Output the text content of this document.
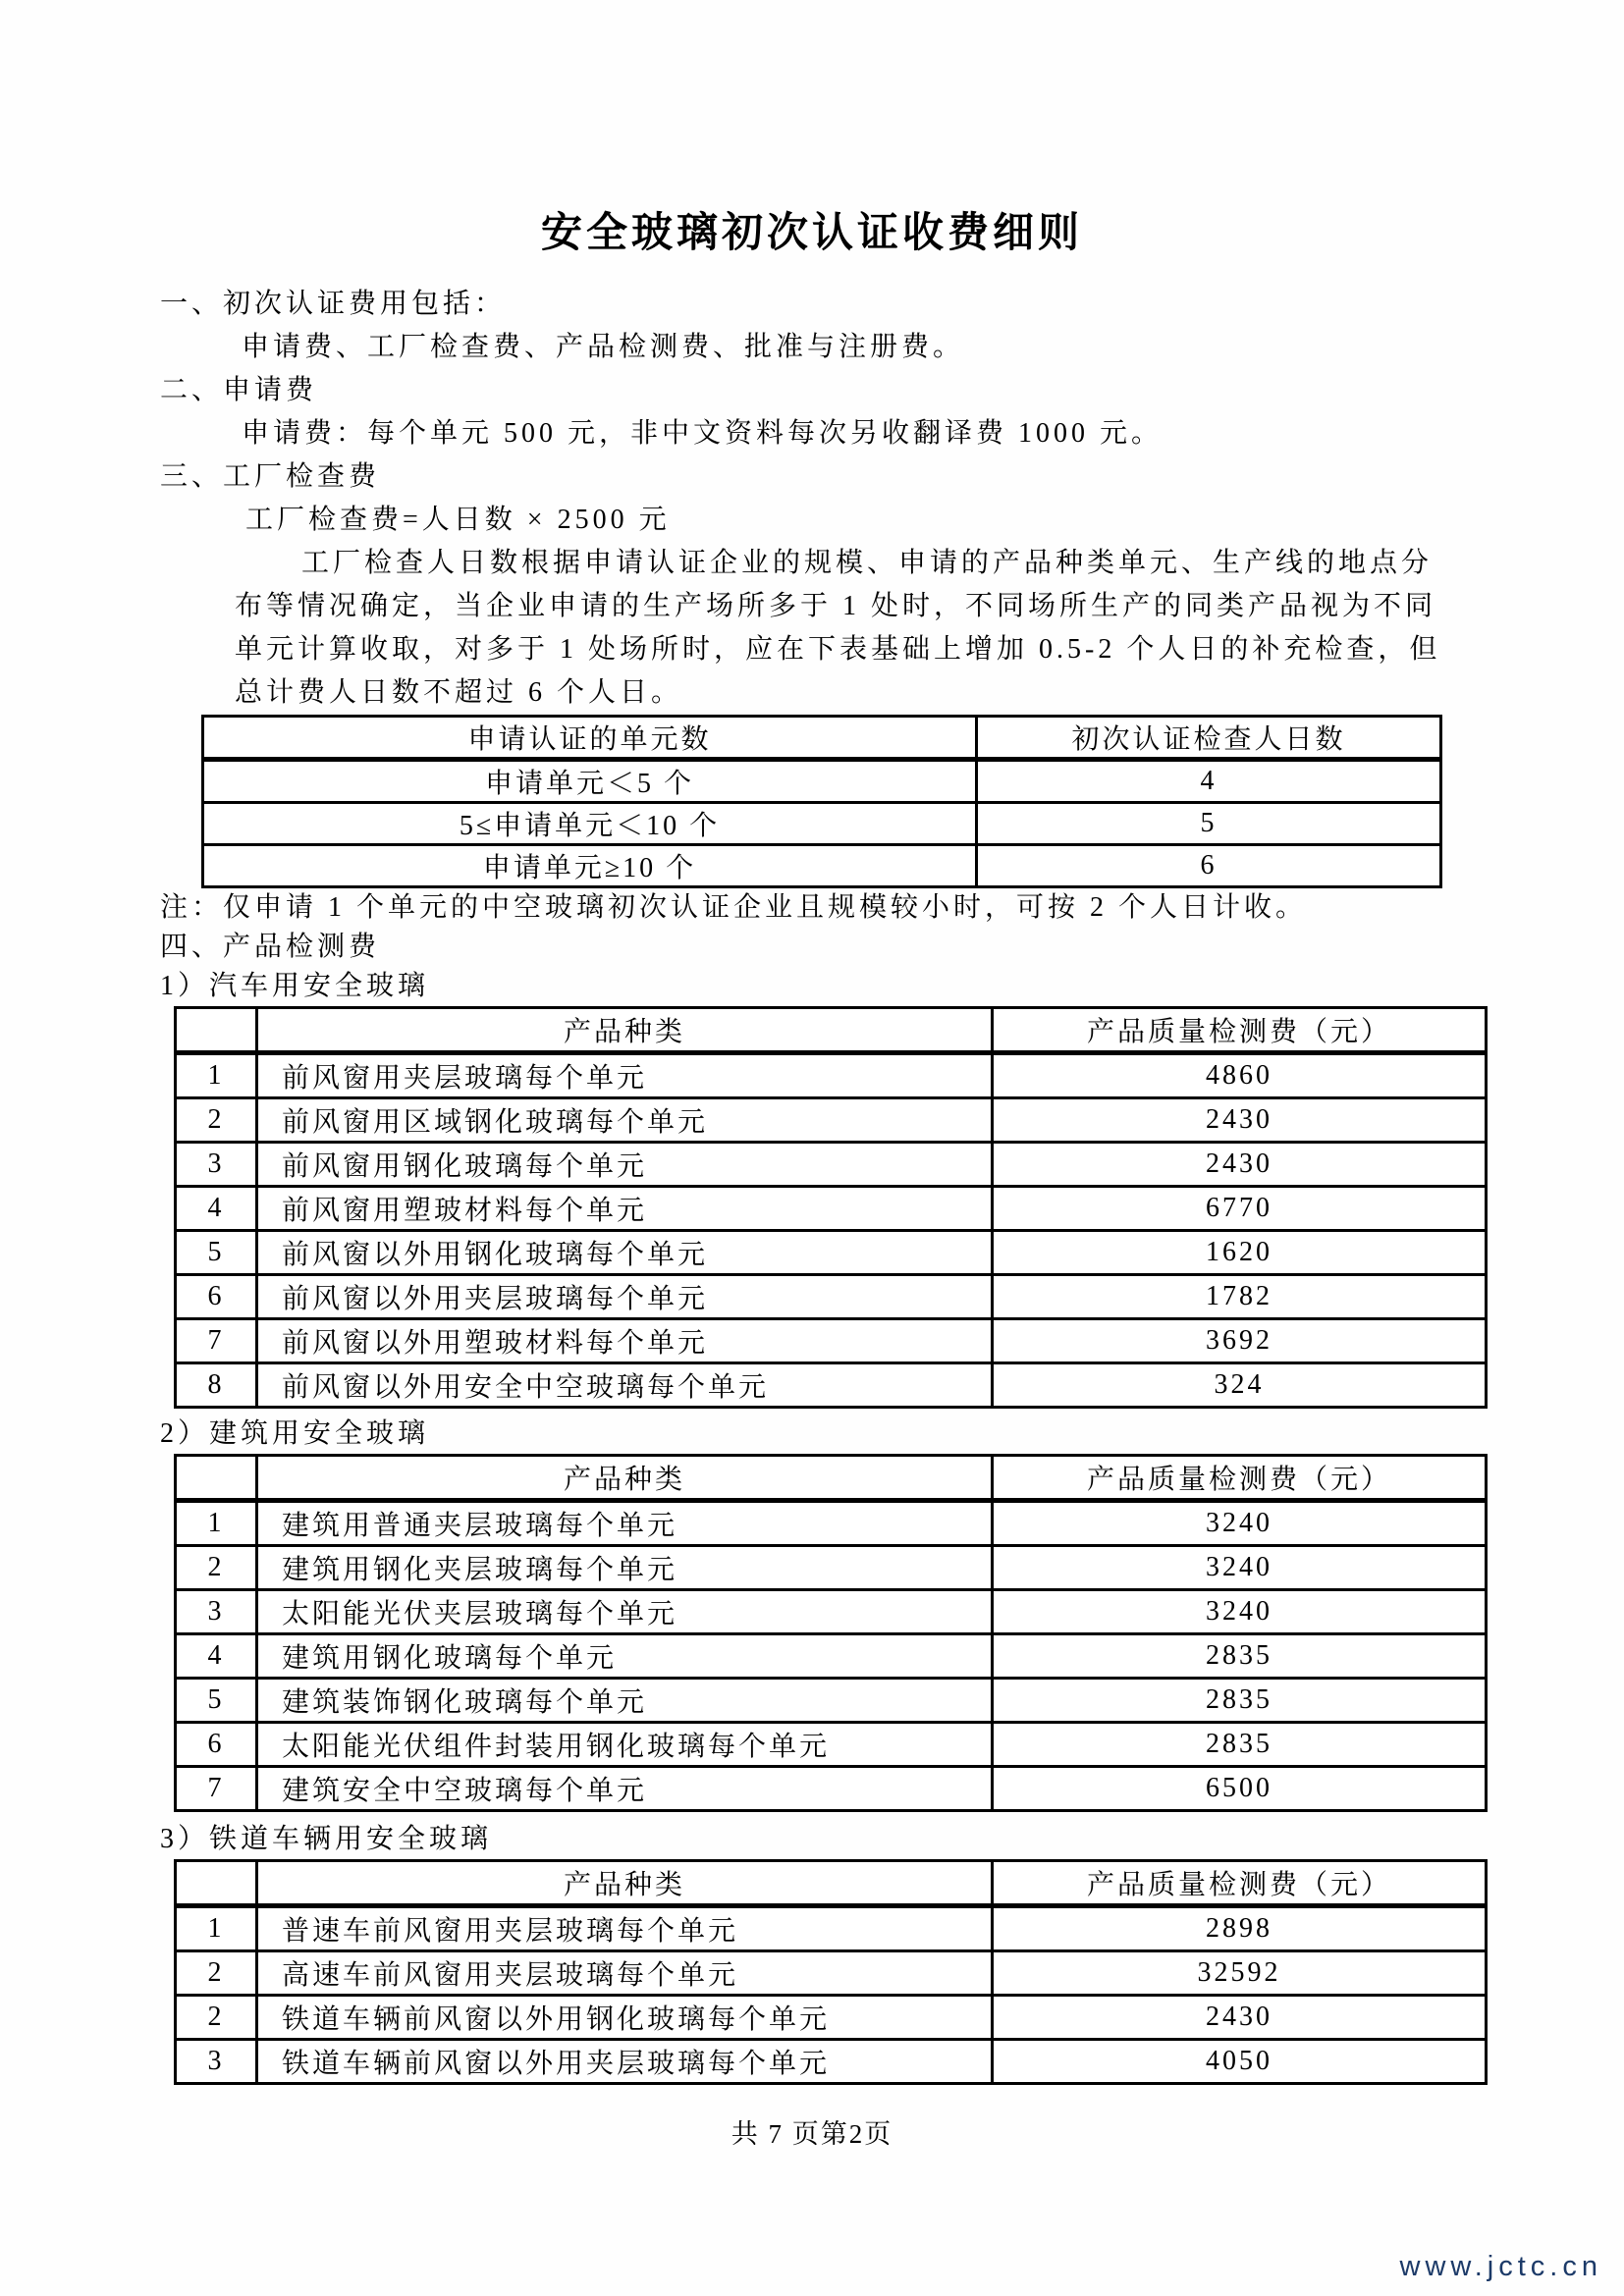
安全玻璃初次认证收费细则
一、初次认证费用包括：
申请费、工厂检查费、产品检测费、批准与注册费。
二、申请费
申请费：每个单元 500 元，非中文资料每次另收翻译费 1000 元。
三、工厂检查费
工厂检查费=人日数 × 2500 元
工厂检查人日数根据申请认证企业的规模、申请的产品种类单元、生产线的地点分
布等情况确定，当企业申请的生产场所多于 1 处时，不同场所生产的同类产品视为不同
单元计算收取，对多于 1 处场所时，应在下表基础上增加 0.5-2 个人日的补充检查，但
总计费人日数不超过 6 个人日。
申请认证的单元数	初次认证检查人日数
申请单元＜5 个	4
5≤申请单元＜10 个	5
申请单元≥10 个	6
注：仅申请 1 个单元的中空玻璃初次认证企业且规模较小时，可按 2 个人日计收。
四、产品检测费
1）汽车用安全玻璃
	产品种类	产品质量检测费（元）
1	前风窗用夹层玻璃每个单元	4860
2	前风窗用区域钢化玻璃每个单元	2430
3	前风窗用钢化玻璃每个单元	2430
4	前风窗用塑玻材料每个单元	6770
5	前风窗以外用钢化玻璃每个单元	1620
6	前风窗以外用夹层玻璃每个单元	1782
7	前风窗以外用塑玻材料每个单元	3692
8	前风窗以外用安全中空玻璃每个单元	324
2）建筑用安全玻璃
	产品种类	产品质量检测费（元）
1	建筑用普通夹层玻璃每个单元	3240
2	建筑用钢化夹层玻璃每个单元	3240
3	太阳能光伏夹层玻璃每个单元	3240
4	建筑用钢化玻璃每个单元	2835
5	建筑装饰钢化玻璃每个单元	2835
6	太阳能光伏组件封装用钢化玻璃每个单元	2835
7	建筑安全中空玻璃每个单元	6500
3）铁道车辆用安全玻璃
	产品种类	产品质量检测费（元）
1	普速车前风窗用夹层玻璃每个单元	2898
2	高速车前风窗用夹层玻璃每个单元	32592
2	铁道车辆前风窗以外用钢化玻璃每个单元	2430
3	铁道车辆前风窗以外用夹层玻璃每个单元	4050
共 7 页第2页
www.jctc.cn
